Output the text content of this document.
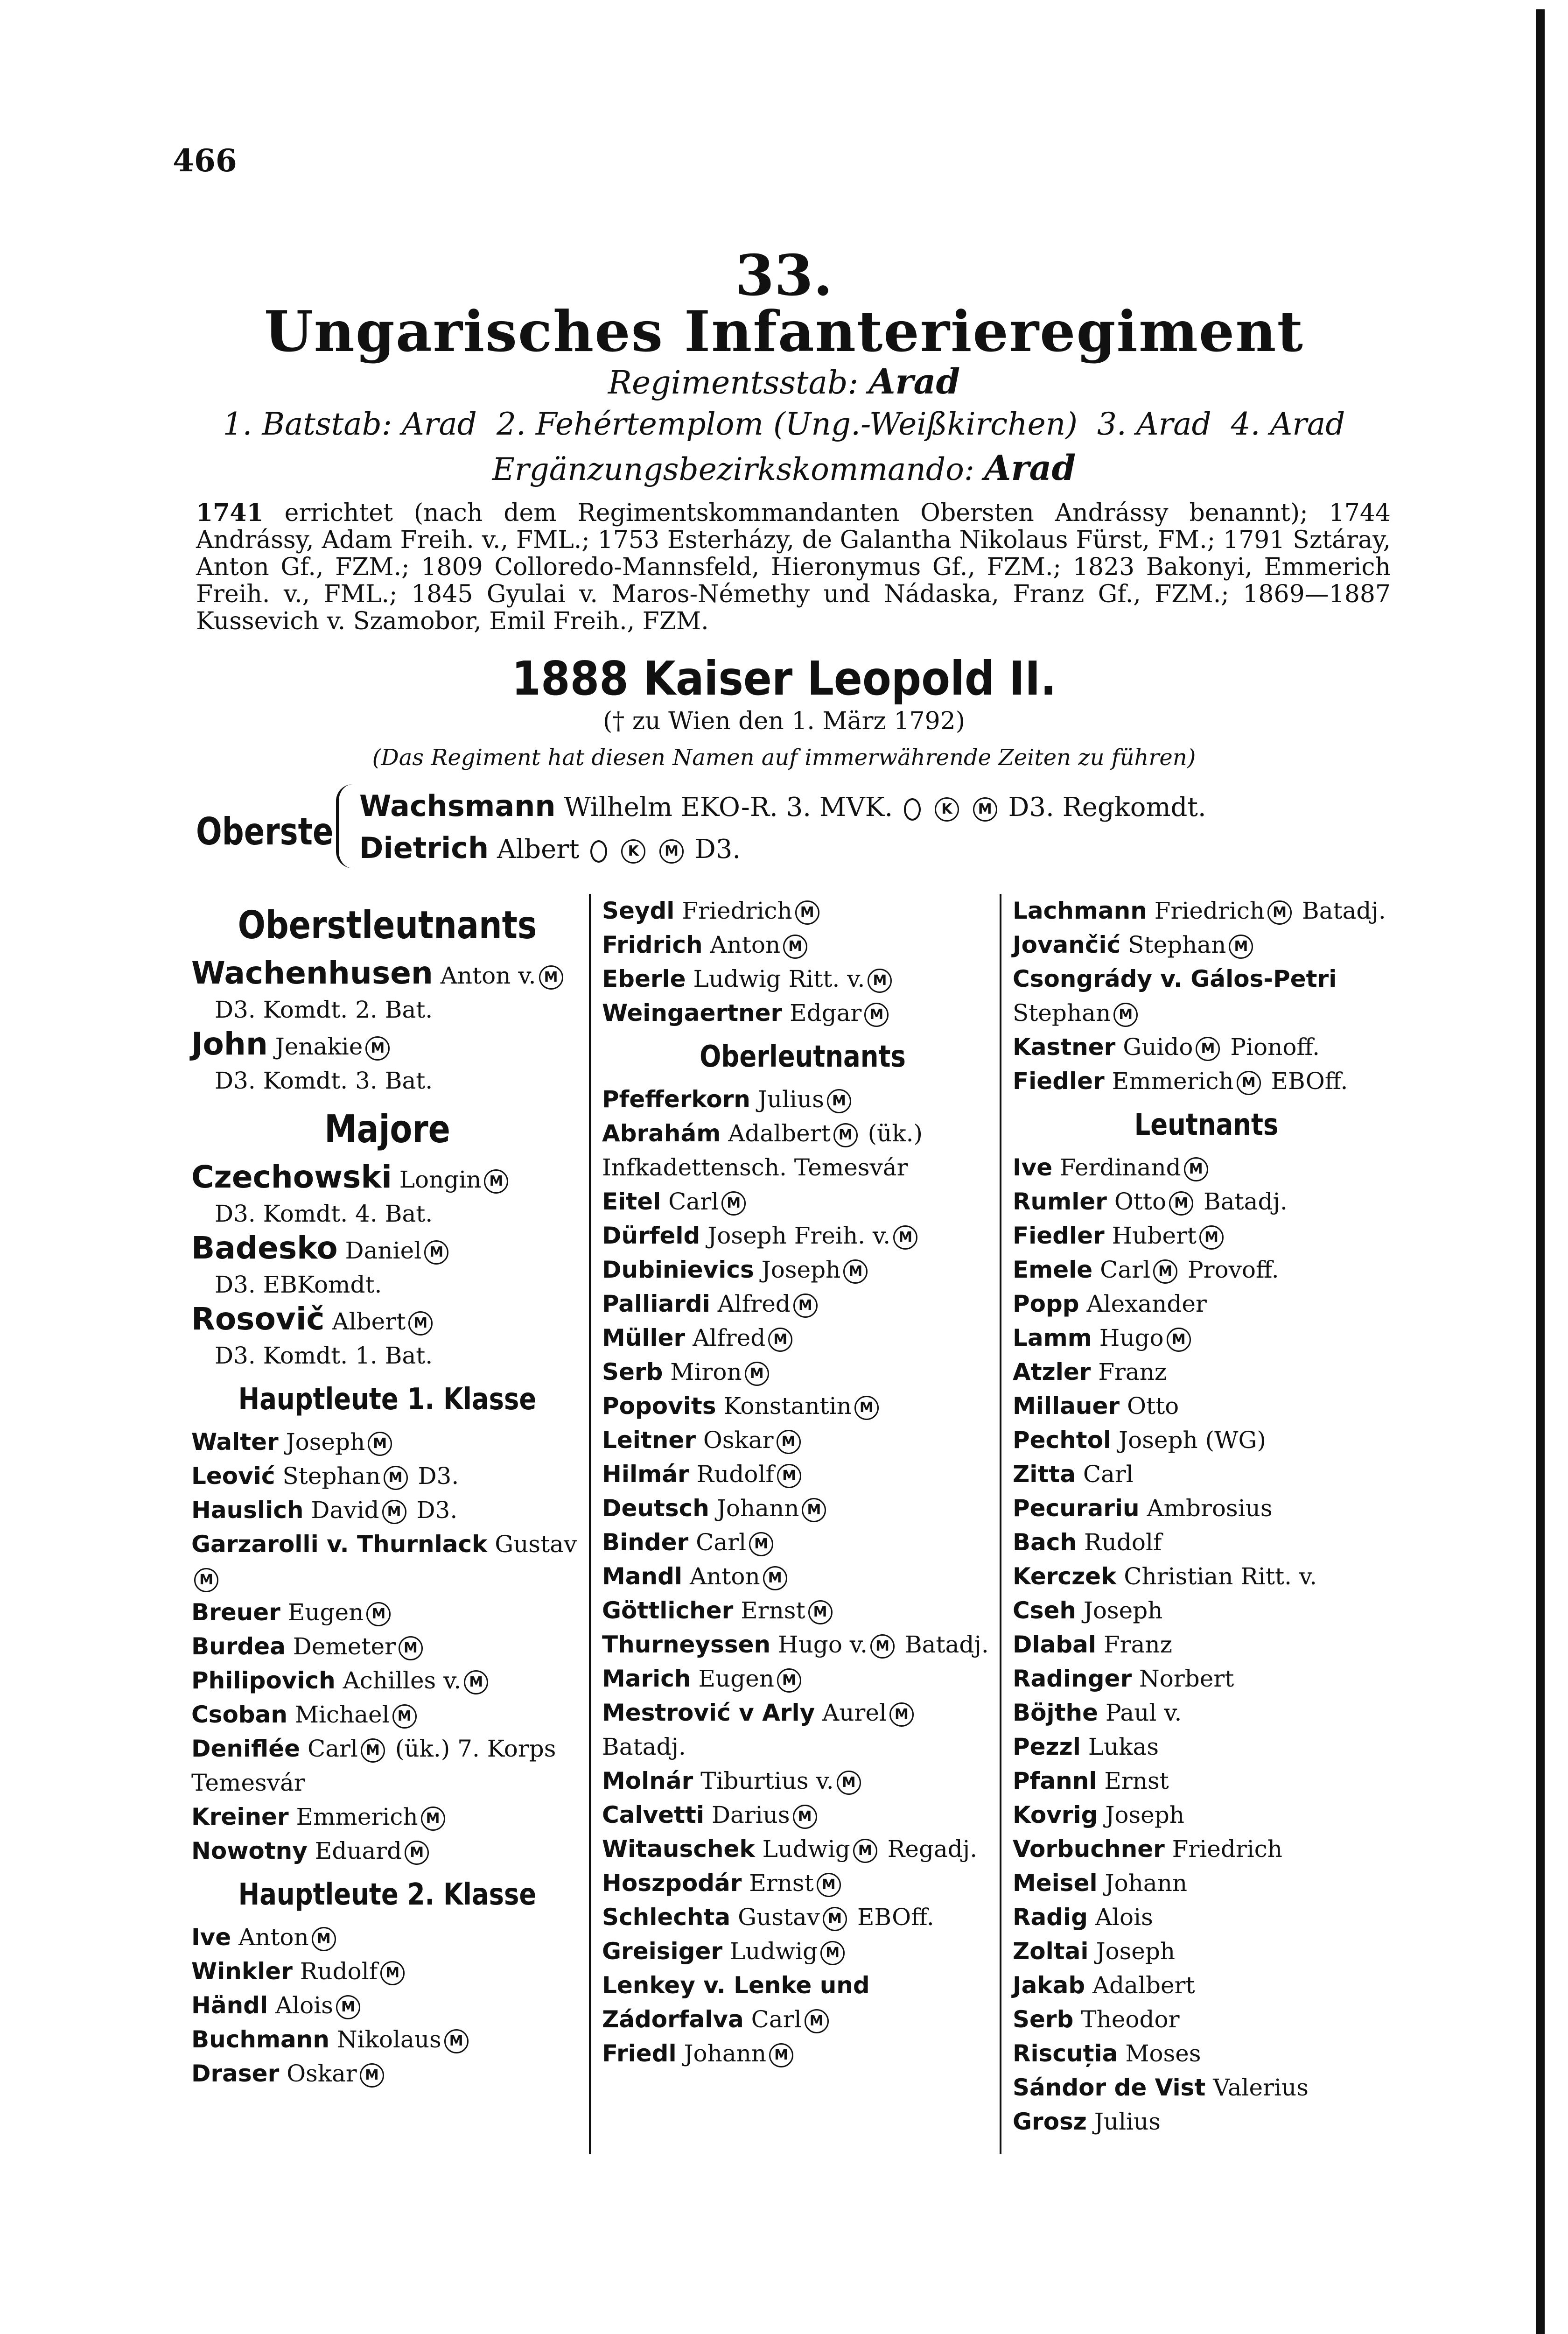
466
33.
Ungarisches Infanterieregiment
Regimentsstab: Arad
1. Batstab: Arad 2. Fehértemplom (Ung.-Weißkirchen) 3. Arad 4. Arad
Ergänzungsbezirkskommando: Arad
1741 errichtet (nach dem Regimentskommandanten Obersten Andrássy benannt); 1744 Andrássy, Adam Freih. v., FML.; 1753 Esterházy, de Galantha Nikolaus Fürst, FM.; 1791 Sztáray, Anton Gf., FZM.; 1809 Colloredo-Mannsfeld, Hieronymus Gf., FZM.; 1823 Bakonyi, Emmerich Freih. v., FML.; 1845 Gyulai v. Maros-Némethy und Nádaska, Franz Gf., FZM.; 1869—1887 Kussevich v. Szamobor, Emil Freih., FZM.
1888 Kaiser Leopold II.
(† zu Wien den 1. März 1792)
(Das Regiment hat diesen Namen auf immerwährende Zeiten zu führen)
Oberste
Wachsmann Wilhelm EKO-R. 3. MVK.	K M D3. Regkomdt.
Dietrich Albert	K M D3.
Oberstleutnants
Wachenhusen Anton v. M
D3. Komdt. 2. Bat.
John Jenakie M
D3. Komdt. 3. Bat.
Majore
Czechowski Longin M
D3. Komdt. 4. Bat.
Badesko Daniel M
D3. EBKomdt.
Rosovič Albert M
D3. Komdt. 1. Bat.
Hauptleute 1. Klasse
Walter Joseph M
Leović Stephan M D3.
Hauslich David M D3.
Garzarolli v. Thurnlack GustavM
Breuer Eugen M
Burdea Demeter M
Philipovich Achilles v. M
Csoban Michael M
Deniflée Carl M (ük.) 7. Korps Temesvár
Kreiner Emmerich M
Nowotny Eduard M
Hauptleute 2. Klasse
Ive Anton M
Winkler Rudolf M
Händl Alois M
Buchmann Nikolaus M
Draser Oskar M
Seydl Friedrich M
Fridrich Anton M
Eberle Ludwig Ritt. v. M
Weingaertner Edgar M
Oberleutnants
Pfefferkorn Julius M
Abrahám Adalbert M (ük.) Infkadettensch. Temesvár
Eitel Carl M
Dürfeld Joseph Freih. v. M
Dubinievics Joseph M
Palliardi Alfred M
Müller Alfred M
Serb Miron M
Popovits Konstantin M
Leitner Oskar M
Hilmár Rudolf M
Deutsch Johann M
Binder Carl M
Mandl Anton M
Göttlicher Ernst M
Thurneyssen Hugo v. M Batadj.
Marich Eugen M
Mestrović v Arly Aurel M Batadj.
Molnár Tiburtius v. M
Calvetti Darius M
Witauschek Ludwig M Regadj.
Hoszpodár Ernst M
Schlechta Gustav M EBOff.
Greisiger Ludwig M
Lenkey v. Lenke und Zádorfalva Carl M
Friedl Johann M
Lachmann Friedrich M Batadj.
Jovančić Stephan M
Csongrády v. Gálos-Petri Stephan M
Kastner Guido M Pionoff.
Fiedler Emmerich M EBOff.
Leutnants
Ive Ferdinand M
Rumler Otto M Batadj.
Fiedler Hubert M
Emele Carl M Provoff.
Popp Alexander
Lamm Hugo M
Atzler Franz
Millauer Otto
Pechtol Joseph (WG)
Zitta Carl
Pecurariu Ambrosius
Bach Rudolf
Kerczek Christian Ritt. v.
Cseh Joseph
Dlabal Franz
Radinger Norbert
Böjthe Paul v.
Pezzl Lukas
Pfannl Ernst
Kovrig Joseph
Vorbuchner Friedrich
Meisel Johann
Radig Alois
Zoltai Joseph
Jakab Adalbert
Serb Theodor
Riscuția Moses
Sándor de Vist Valerius
Grosz Julius
